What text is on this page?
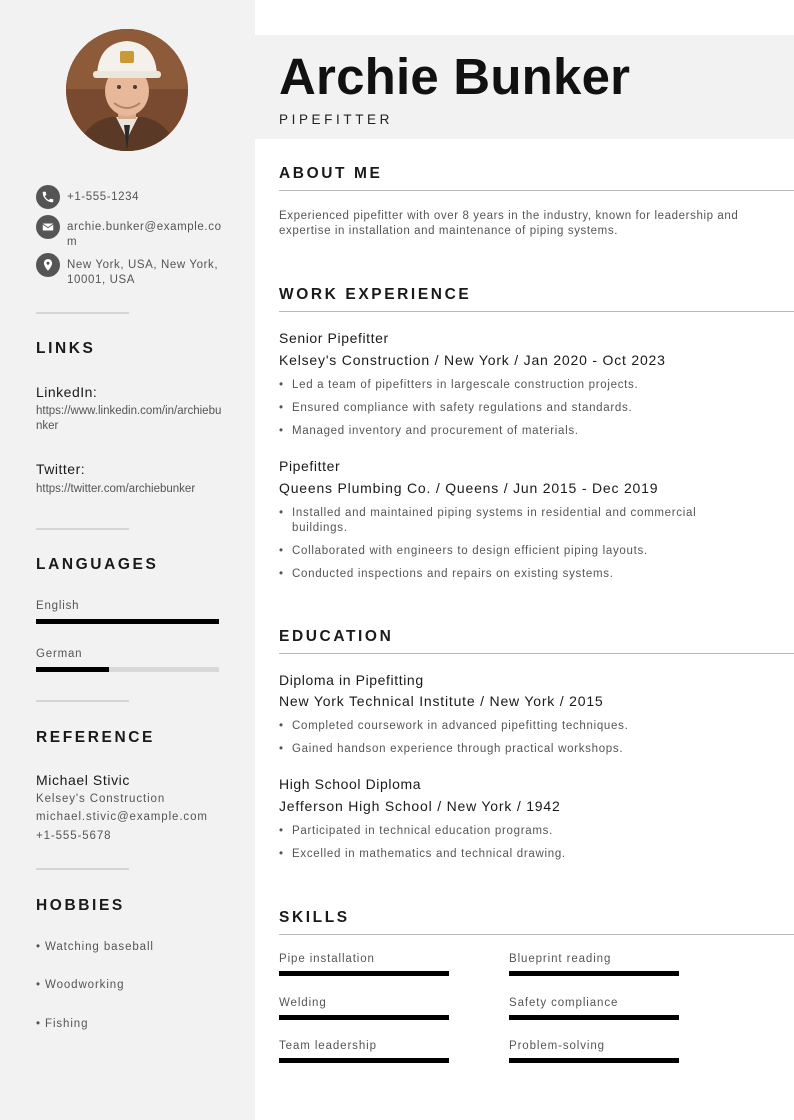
+1-555-1234
archie.bunker@example.com
New York, USA, New York, 10001, USA
LINKS
LinkedIn:
https://www.linkedin.com/in/archiebunker
Twitter:
https://twitter.com/archiebunker
LANGUAGES
English
German
REFERENCE
Michael Stivic
Kelsey's Construction
michael.stivic@example.com
+1-555-5678
HOBBIES
• Watching baseball
• Woodworking
• Fishing
Archie Bunker
PIPEFITTER
ABOUT ME
Experienced pipefitter with over 8 years in the industry, known for leadership and expertise in installation and maintenance of piping systems.
WORK EXPERIENCE
Senior Pipefitter
Kelsey's Construction / New York / Jan 2020 - Oct 2023
• Led a team of pipefitters in largescale construction projects.
• Ensured compliance with safety regulations and standards.
• Managed inventory and procurement of materials.
Pipefitter
Queens Plumbing Co. / Queens / Jun 2015 - Dec 2019
• Installed and maintained piping systems in residential and commercial buildings.
• Collaborated with engineers to design efficient piping layouts.
• Conducted inspections and repairs on existing systems.
EDUCATION
Diploma in Pipefitting
New York Technical Institute / New York / 2015
• Completed coursework in advanced pipefitting techniques.
• Gained handson experience through practical workshops.
High School Diploma
Jefferson High School / New York / 1942
• Participated in technical education programs.
• Excelled in mathematics and technical drawing.
SKILLS
Pipe installation	Blueprint reading
Welding	Safety compliance
Team leadership	Problem-solving
